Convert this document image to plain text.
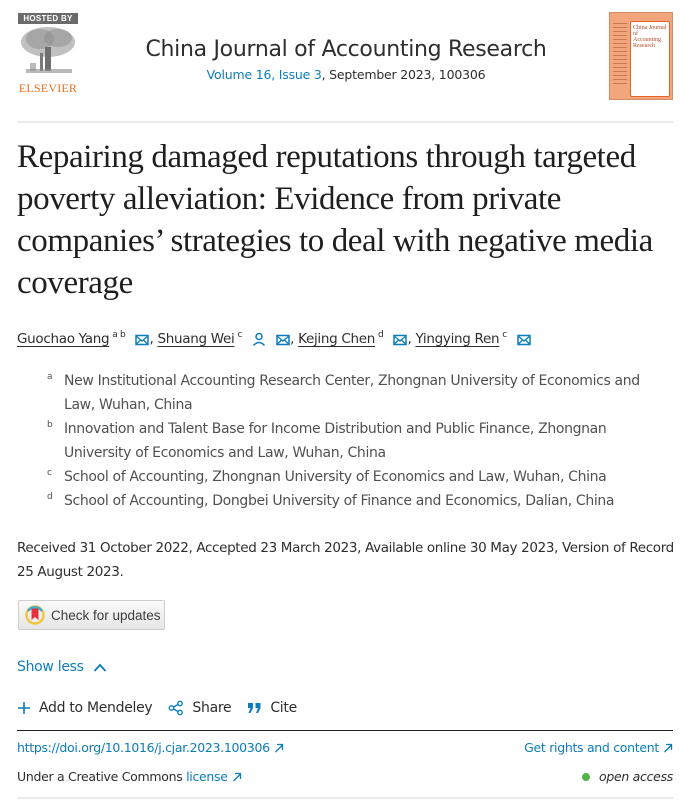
HOSTED BY
ELSEVIER
China Journal of Accounting Research
Volume 16, Issue 3, September 2023, 100306
China Journal of Accounting Research
Repairing damaged reputations through targeted poverty alleviation: Evidence from private companies’ strategies to deal with negative media coverage
Guochao Yang $^{a b}$ , Shuang Wei $^c$	, Kejing Chen $^d$ , Yingying Ren $^c$
a New Institutional Accounting Research Center, Zhongnan University of Economics and Law, Wuhan, China
b Innovation and Talent Base for Income Distribution and Public Finance, Zhongnan University of Economics and Law, Wuhan, China
c School of Accounting, Zhongnan University of Economics and Law, Wuhan, China
d School of Accounting, Dongbei University of Finance and Economics, Dalian, China
Received 31 October 2022, Accepted 23 March 2023, Available online 30 May 2023, Version of Record 25 August 2023.
Check for updates
Show less
Add to Mendeley	Share	Cite
https://doi.org/10.1016/j.cjar.2023.100306	Get rights and content
Under a Creative Commons license	open access
